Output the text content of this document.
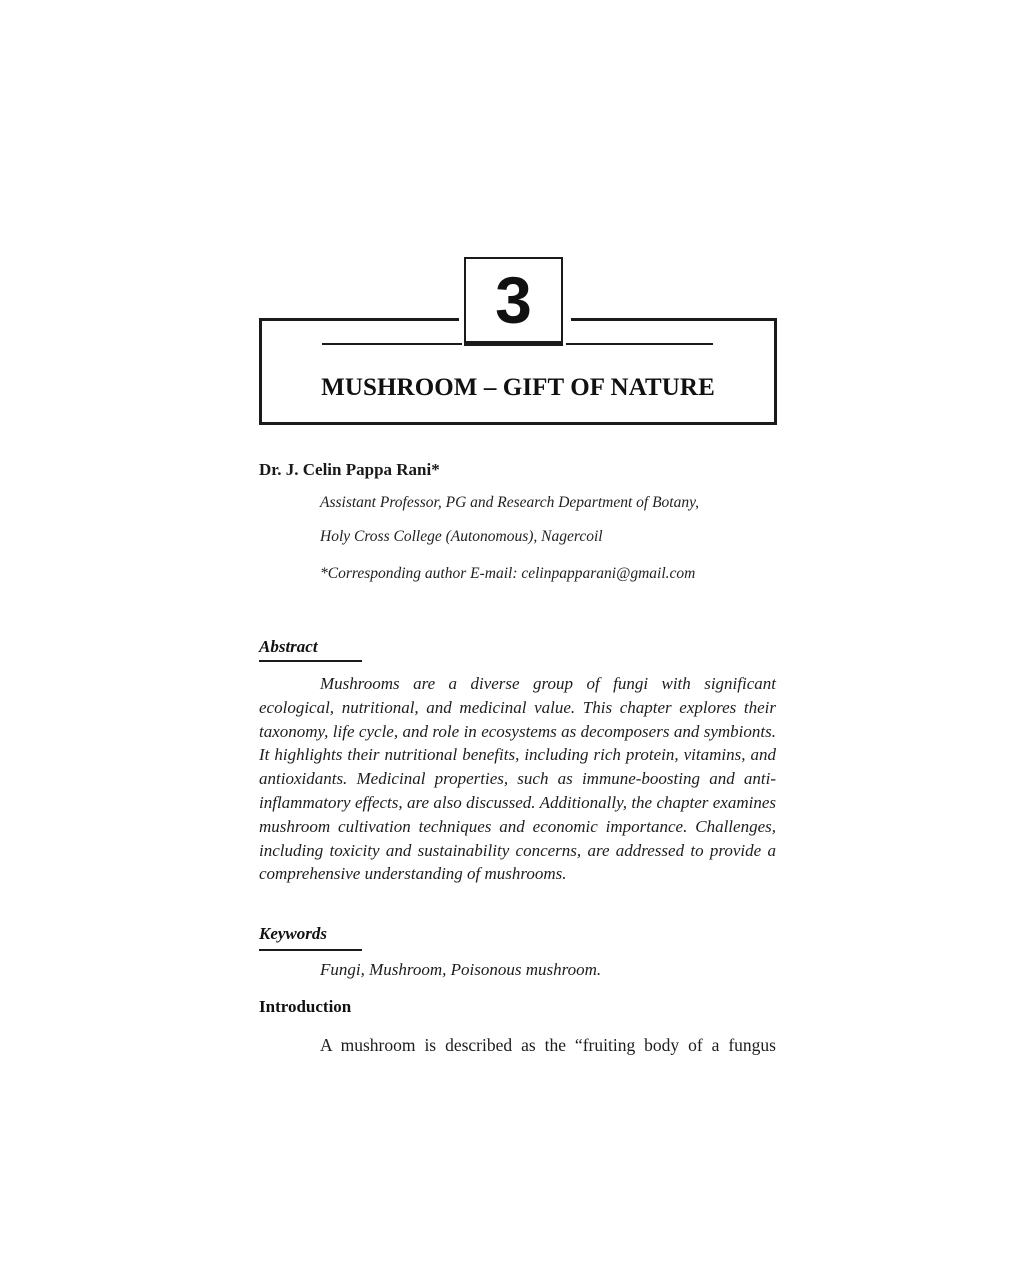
3
MUSHROOM – GIFT OF NATURE
Dr. J. Celin Pappa Rani*
Assistant Professor, PG and Research Department of Botany,
Holy Cross College (Autonomous), Nagercoil
*Corresponding author E-mail: celinpapparani@gmail.com
Abstract

Mushrooms are a diverse group of fungi with significant ecological, nutritional, and medicinal value. This chapter explores their taxonomy, life cycle, and role in ecosystems as decomposers and symbionts. It highlights their nutritional benefits, including rich protein, vitamins, and antioxidants. Medicinal properties, such as immune-boosting and anti-inflammatory effects, are also discussed. Additionally, the chapter examines mushroom cultivation techniques and economic importance. Challenges, including toxicity and sustainability concerns, are addressed to provide a comprehensive understanding of mushrooms.

Keywords
Fungi, Mushroom, Poisonous mushroom.
Introduction

A mushroom is described as the “fruiting body of a fungus
